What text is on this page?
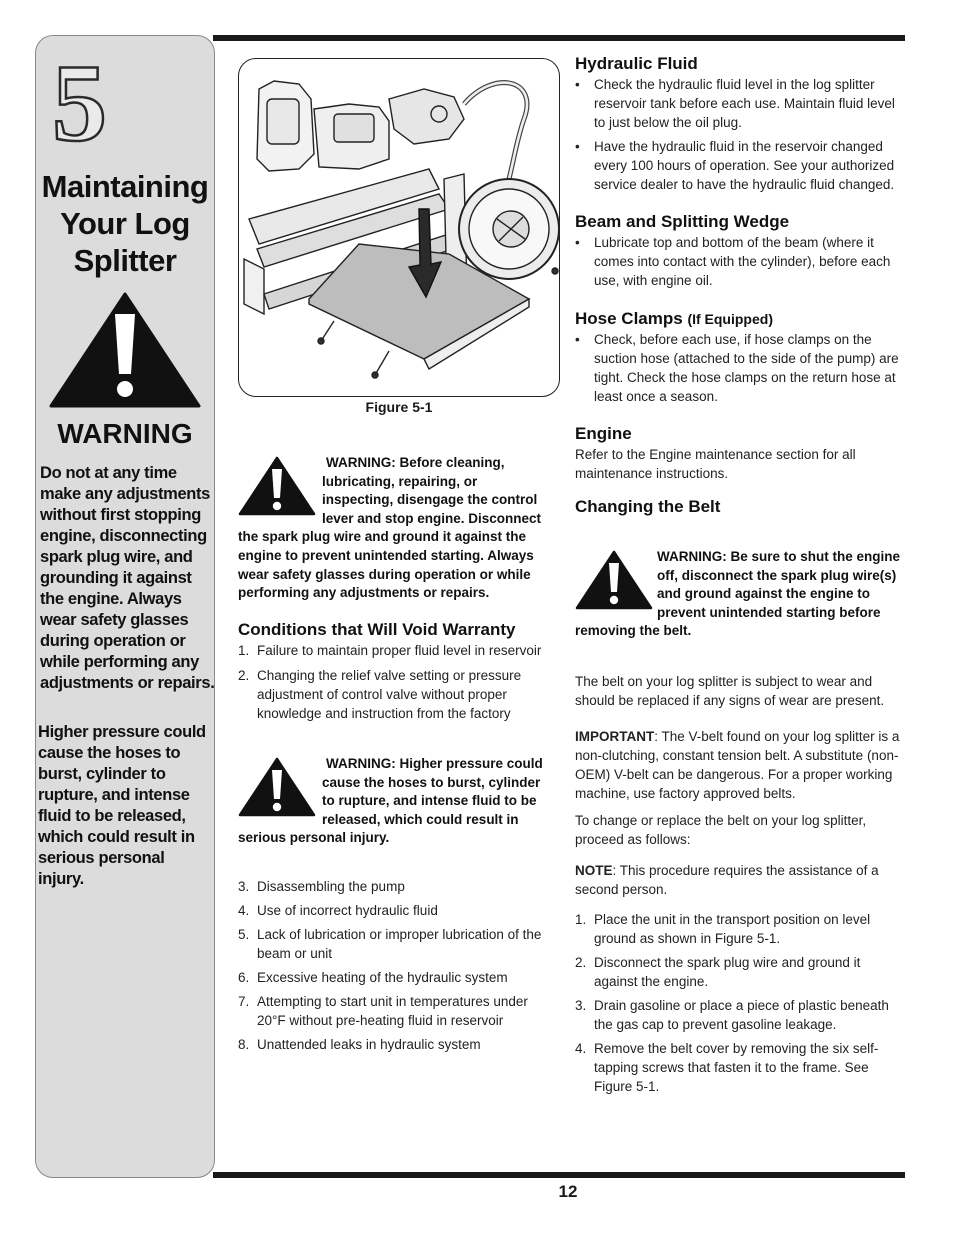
5
Maintaining
Your Log
Splitter
WARNING
Do not at any time make any adjustments without first stopping engine, disconnecting spark plug wire, and grounding it against the engine. Always wear safety glasses during operation or while performing any adjustments or repairs.
Higher pressure could cause the hoses to burst, cylinder to rupture, and intense fluid to be released, which could result in serious personal injury.
Figure 5-1
WARNING: Before cleaning, lubricating, repairing, or inspecting, disengage the control lever and stop engine. Disconnect the spark plug wire and ground it against the engine to prevent unintended starting. Always wear safety glasses during operation or while performing any adjustments or repairs.
Conditions that Will Void Warranty
1. Failure to maintain proper fluid level in reservoir
2. Changing the relief valve setting or pressure adjustment of control valve without proper knowledge and instruction from the factory
WARNING: Higher pressure could cause the hoses to burst, cylinder to rupture, and intense fluid to be released, which could result in serious personal injury.
3. Disassembling the pump
4. Use of incorrect hydraulic fluid
5. Lack of lubrication or improper lubrication of the beam or unit
6. Excessive heating of the hydraulic system
7. Attempting to start unit in temperatures under 20°F without pre-heating fluid in reservoir
8. Unattended leaks in hydraulic system
Hydraulic Fluid
• Check the hydraulic fluid level in the log splitter reservoir tank before each use. Maintain fluid level to just below the oil plug.
• Have the hydraulic fluid in the reservoir changed every 100 hours of operation. See your authorized service dealer to have the hydraulic fluid changed.
Beam and Splitting Wedge
• Lubricate top and bottom of the beam (where it comes into contact with the cylinder), before each use, with engine oil.
Hose Clamps (If Equipped)
• Check, before each use, if hose clamps on the suction hose (attached to the side of the pump) are tight. Check the hose clamps on the return hose at least once a season.
Engine
Refer to the Engine maintenance section for all maintenance instructions.
Changing the Belt
WARNING: Be sure to shut the engine off, disconnect the spark plug wire(s) and ground against the engine to prevent unintended starting before removing the belt.
The belt on your log splitter is subject to wear and should be replaced if any signs of wear are present.
IMPORTANT: The V-belt found on your log splitter is a non-clutching, constant tension belt. A substitute (non-OEM) V-belt can be dangerous. For a proper working machine, use factory approved belts.
To change or replace the belt on your log splitter, proceed as follows:
NOTE: This procedure requires the assistance of a second person.
1. Place the unit in the transport position on level ground as shown in Figure 5-1.
2. Disconnect the spark plug wire and ground it against the engine.
3. Drain gasoline or place a piece of plastic beneath the gas cap to prevent gasoline leakage.
4. Remove the belt cover by removing the six self-tapping screws that fasten it to the frame. See Figure 5-1.
12
